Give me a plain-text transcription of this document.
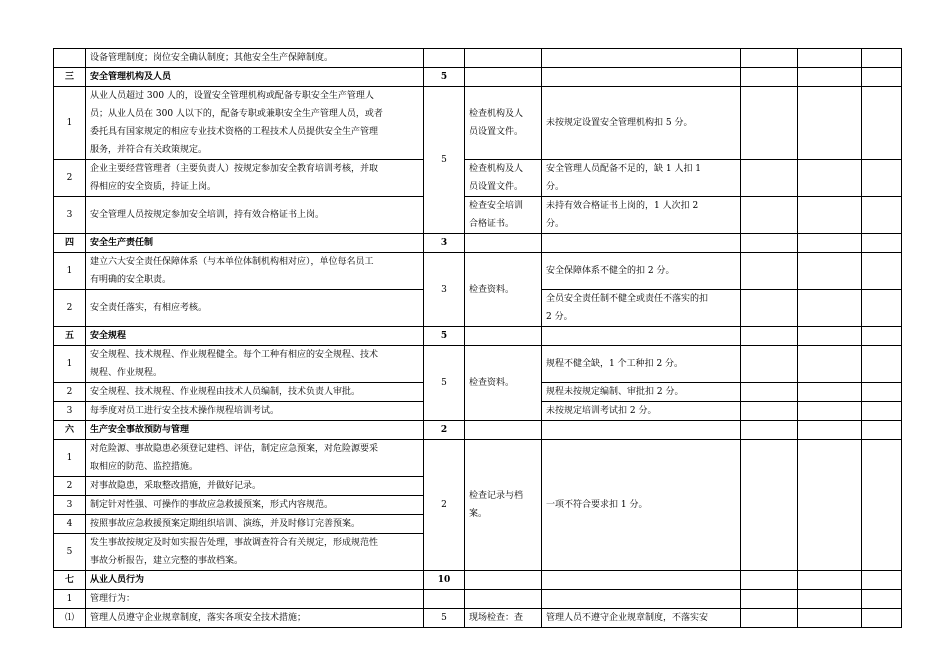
	设备管理制度；岗位安全确认制度；其他安全生产保障制度。						
三	安全管理机构及人员	5					
1	从业人员超过 300 人的，设置安全管理机构或配备专职安全生产管理人
员；从业人员在 300 人以下的，配备专职或兼职安全生产管理人员，或者
委托具有国家规定的相应专业技术资格的工程技术人员提供安全生产管理
服务，并符合有关政策规定。	5	检查机构及人
员设置文件。	未按规定设置安全管理机构扣 5 分。			
2	企业主要经营管理者（主要负责人）按规定参加安全教育培训考核，并取
得相应的安全资质，持证上岗。		检查机构及人
员设置文件。	安全管理人员配备不足的，缺 1 人扣 1
分。			

3	安全管理人员按规定参加安全培训，持有效合格证书上岗。		检查安全培训
合格证书。	未持有效合格证书上岗的，1 人次扣 2
分。			

四	安全生产责任制	3					
1	建立六大安全责任保障体系（与本单位体制机构相对应），单位每名员工
有明确的安全职责。	3	检查资料。	安全保障体系不健全的扣 2 分。			
2	安全责任落实，有相应考核。			全员安全责任制不健全或责任不落实的扣
2 分。			

五	安全规程	5					
1	安全规程、技术规程、作业规程健全。每个工种有相应的安全规程、技术
规程、作业规程。	5	检查资料。	规程不健全缺，1 个工种扣 2 分。			
2	安全规程、技术规程、作业规程由技术人员编制，技术负责人审批。			规程未按规定编制、审批扣 2 分。			
3	每季度对员工进行安全技术操作规程培训考试。			未按规定培训考试扣 2 分。			
六	生产安全事故预防与管理	2					
1	对危险源、事故隐患必须登记建档、评估，制定应急预案，对危险源要采
取相应的防范、监控措施。	2	检查记录与档
案。	一项不符合要求扣 1 分。			
2	对事故隐患，采取整改措施，并做好记录。						
3	制定针对性强、可操作的事故应急救援预案，形式内容规范。						
4	按照事故应急救援预案定期组织培训、演练，并及时修订完善预案。						
5	发生事故按规定及时如实报告处理，事故调查符合有关规定，形成规范性
事故分析报告，建立完整的事故档案。						

七	从业人员行为	10					
1	管理行为：						
⑴	管理人员遵守企业规章制度，落实各项安全技术措施；	5	现场检查：查	管理人员不遵守企业规章制度，不落实安			
